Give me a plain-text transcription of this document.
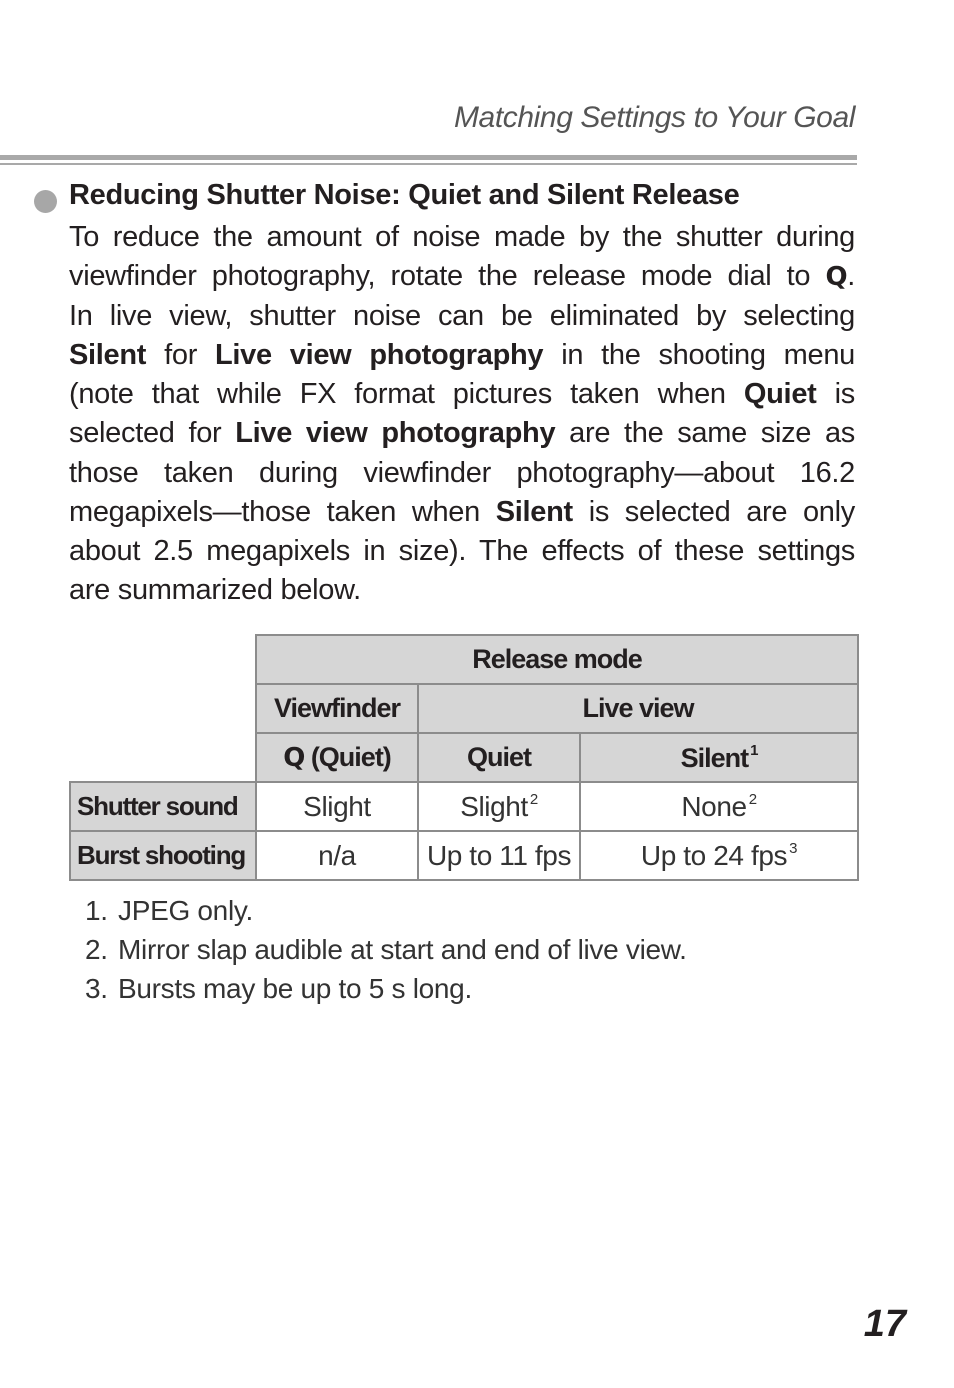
Matching Settings to Your Goal
Reducing Shutter Noise: Quiet and Silent Release
To reduce the amount of noise made by the shutter during
viewfinder photography, rotate the release mode dial to Q.
In live view, shutter noise can be eliminated by selecting
Silent for Live view photography in the shooting menu
(note that while FX format pictures taken when Quiet is
selected for Live view photography are the same size as
those taken during viewfinder photography—about 16.2
megapixels—those taken when Silent is selected are only
about 2.5 megapixels in size). The effects of these settings
are summarized below.
	Release mode		
	Viewfinder	Live view	
	Q (Quiet)	Quiet	Silent $^1$
Shutter sound	Slight	Slight $^2$	None $^2$
Burst shooting	n/a	Up to 11 fps	Up to 24 fps $^3$
1. JPEG only.
2. Mirror slap audible at start and end of live view.
3. Bursts may be up to 5 s long.
17
